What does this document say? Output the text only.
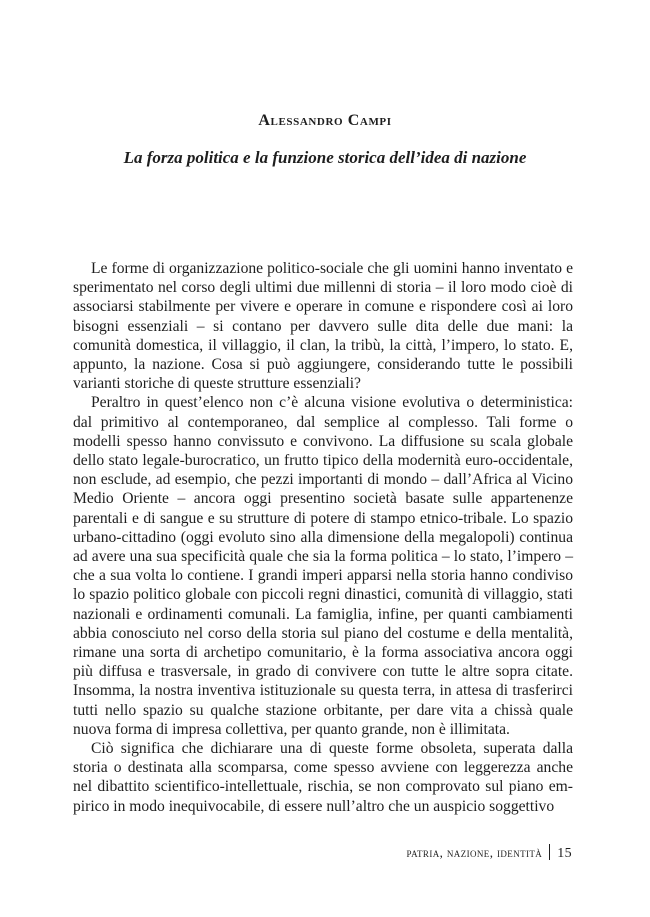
Alessandro Campi
La forza politica e la funzione storica dell’idea di nazione

Le forme di organizzazione politico-sociale che gli uomini hanno inventato e sperimentato nel corso degli ultimi due millenni di storia – il loro modo cioè di associarsi stabilmente per vivere e operare in comune e rispondere così ai loro bisogni essenziali – si contano per davvero sulle dita delle due mani: la comunità domestica, il villaggio, il clan, la tribù, la città, l’impero, lo stato. E, appunto, la nazione. Cosa si può aggiungere, considerando tutte le possibili varianti storiche di queste strutture essenziali?

Peraltro in quest’elenco non c’è alcuna visione evolutiva o deterministica: dal primitivo al contemporaneo, dal semplice al complesso. Tali forme o modelli spesso hanno convissuto e convivono. La diffusione su scala globale dello stato legale-burocratico, un frutto tipico della modernità euro-occidentale, non esclude, ad esempio, che pezzi importanti di mondo – dall’Africa al Vicino Medio Oriente – ancora oggi presentino società basate sulle appartenenze parentali e di sangue e su strutture di potere di stampo etnico-tribale. Lo spazio urbano-cittadino (oggi evoluto sino alla dimensione della megalopoli) continua ad avere una sua specificità quale che sia la forma politica – lo stato, l’impero – che a sua volta lo contiene. I grandi imperi apparsi nella storia hanno condiviso lo spazio politico globale con piccoli regni dinastici, comunità di villaggio, stati nazionali e ordinamenti comunali. La famiglia, infine, per quanti cambiamenti abbia conosciuto nel corso della storia sul piano del costume e della mentalità, rimane una sorta di archetipo comunitario, è la forma associativa ancora oggi più diffusa e trasversale, in grado di convivere con tutte le altre sopra citate. Insomma, la nostra inventiva istituzionale su questa terra, in attesa di trasferirci tutti nello spazio su qualche stazione orbitante, per dare vita a chissà quale nuova forma di impresa collettiva, per quanto grande, non è illimitata.

Ciò significa che dichiarare una di queste forme obsoleta, superata dalla storia o destinata alla scomparsa, come spesso avviene con leggerezza anche nel dibattito scientifico-intellettuale, rischia, se non comprovato sul piano empirico in modo inequivocabile, di essere null’altro che un auspicio soggettivo

patria, nazione, identità 15
